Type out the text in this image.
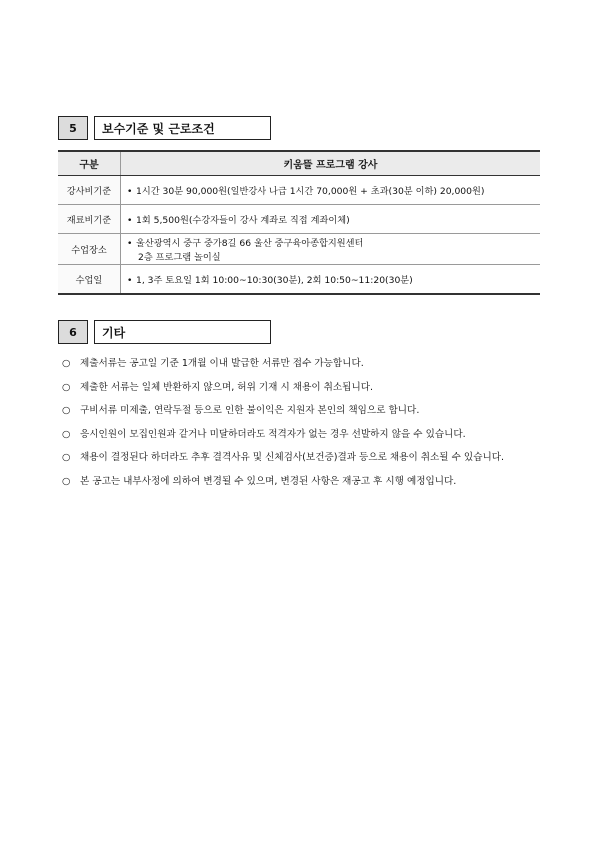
5	보수기준 및 근로조건
구분	키움뜰 프로그램 강사
강사비기준	• 1시간 30분 90,000원(일반강사 나급 1시간 70,000원 + 초과(30분 이하) 20,000원)
재료비기준	• 1회 5,500원(수강자들이 강사 계좌로 직접 계좌이체)
수업장소	• 울산광역시 중구 중가8길 66 울산 중구육아종합지원센터
2층 프로그램 놀이실

수업일	• 1, 3주 토요일 1회 10:00~10:30(30분), 2회 10:50~11:20(30분)
6	기타
○	제출서류는 공고일 기준 1개월 이내 발급한 서류만 접수 가능합니다.
○	제출한 서류는 일체 반환하지 않으며, 허위 기재 시 채용이 취소됩니다.
○	구비서류 미제출, 연락두절 등으로 인한 불이익은 지원자 본인의 책임으로 합니다.
○	응시인원이 모집인원과 같거나 미달하더라도 적격자가 없는 경우 선발하지 않을 수 있습니다.
○	채용이 결정된다 하더라도 추후 결격사유 및 신체검사(보건증)결과 등으로 채용이 취소될 수 있습니다.
○	본 공고는 내부사정에 의하여 변경될 수 있으며, 변경된 사항은 재공고 후 시행 예정입니다.
